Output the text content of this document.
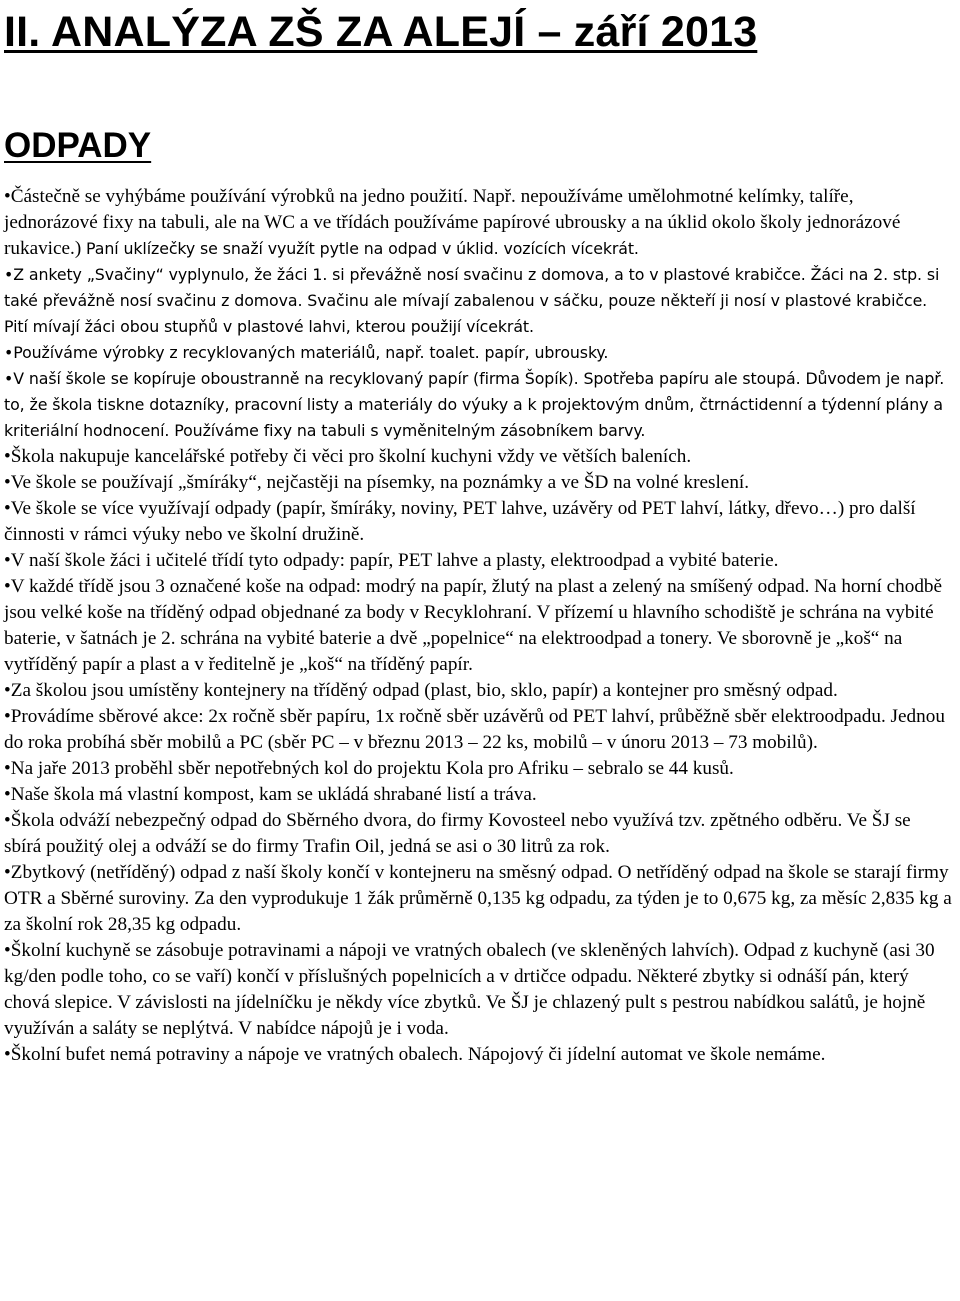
II. ANALÝZA ZŠ ZA ALEJÍ – září 2013
ODPADY
• Částečně se vyhýbáme používání výrobků na jedno použití. Např. nepoužíváme umělohmotné kelímky, talíře, jednorázové fixy na tabuli, ale na WC a ve třídách používáme papírové ubrousky a na úklid okolo školy jednorázové rukavice.) Paní uklízečky se snaží využít pytle na odpad v úklid. vozících vícekrát.
• Z ankety „Svačiny“ vyplynulo, že žáci 1. si převážně nosí svačinu z domova, a to v plastové krabičce. Žáci na 2. stp. si také převážně nosí svačinu z domova. Svačinu ale mívají zabalenou v sáčku, pouze někteří ji nosí v plastové krabičce. Pití mívají žáci obou stupňů v plastové lahvi, kterou použijí vícekrát.
• Používáme výrobky z recyklovaných materiálů, např. toalet. papír, ubrousky.
• V naší škole se kopíruje oboustranně na recyklovaný papír (firma Šopík). Spotřeba papíru ale stoupá. Důvodem je např. to, že škola tiskne dotazníky, pracovní listy a materiály do výuky a k projektovým dnům, čtrnáctidenní a týdenní plány a kriteriální hodnocení. Používáme fixy na tabuli s vyměnitelným zásobníkem barvy.
• Škola nakupuje kancelářské potřeby či věci pro školní kuchyni vždy ve větších baleních.
• Ve škole se používají „šmíráky“, nejčastěji na písemky, na poznámky a ve ŠD na volné kreslení.
• Ve škole se více využívají odpady (papír, šmíráky, noviny, PET lahve, uzávěry od PET lahví, látky, dřevo…) pro další činnosti v rámci výuky nebo ve školní družině.
• V naší škole žáci i učitelé třídí tyto odpady: papír, PET lahve a plasty, elektroodpad a vybité baterie.
• V každé třídě jsou 3 označené koše na odpad: modrý na papír, žlutý na plast a zelený na smíšený odpad. Na horní chodbě jsou velké koše na tříděný odpad objednané za body v Recyklohraní. V přízemí u hlavního schodiště je schrána na vybité baterie, v šatnách je 2. schrána na vybité baterie a dvě „popelnice“ na elektroodpad a tonery. Ve sborovně je „koš“ na vytříděný papír a plast a v ředitelně je „koš“ na tříděný papír.
• Za školou jsou umístěny kontejnery na tříděný odpad (plast, bio, sklo, papír) a kontejner pro směsný odpad.
• Provádíme sběrové akce: 2x ročně sběr papíru, 1x ročně sběr uzávěrů od PET lahví, průběžně sběr elektroodpadu. Jednou do roka probíhá sběr mobilů a PC (sběr PC – v březnu 2013 – 22 ks, mobilů – v únoru 2013 – 73 mobilů).
• Na jaře 2013 proběhl sběr nepotřebných kol do projektu Kola pro Afriku – sebralo se 44 kusů.
• Naše škola má vlastní kompost, kam se ukládá shrabané listí a tráva.
• Škola odváží nebezpečný odpad do Sběrného dvora, do firmy Kovosteel nebo využívá tzv. zpětného odběru. Ve ŠJ se sbírá použitý olej a odváží se do firmy Trafin Oil, jedná se asi o 30 litrů za rok.
• Zbytkový (netříděný) odpad z naší školy končí v kontejneru na směsný odpad. O netříděný odpad na škole se starají firmy OTR a Sběrné suroviny. Za den vyprodukuje 1 žák průměrně 0,135 kg odpadu, za týden je to 0,675 kg, za měsíc 2,835 kg a za školní rok 28,35 kg odpadu.
• Školní kuchyně se zásobuje potravinami a nápoji ve vratných obalech (ve skleněných lahvích). Odpad z kuchyně (asi 30 kg/den podle toho, co se vaří) končí v příslušných popelnicích a v drtičce odpadu. Některé zbytky si odnáší pán, který chová slepice. V závislosti na jídelníčku je někdy více zbytků. Ve ŠJ je chlazený pult s pestrou nabídkou salátů, je hojně využíván a saláty se neplýtvá. V nabídce nápojů je i voda.
• Školní bufet nemá potraviny a nápoje ve vratných obalech. Nápojový či jídelní automat ve škole nemáme.
